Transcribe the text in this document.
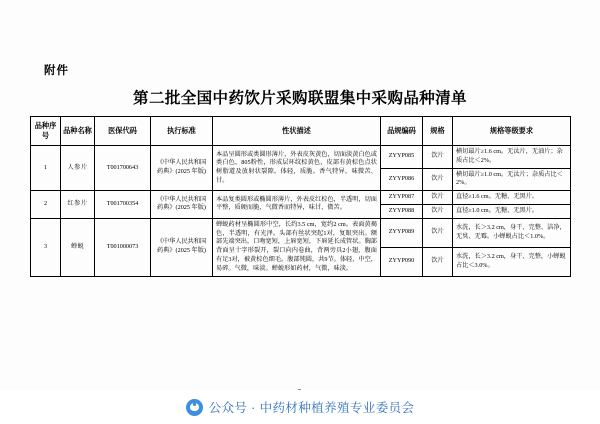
附件
第二批全国中药饮片采购联盟集中采购品种清单
品种序号	品种名称	医保代码	执行标准	性状描述	品规编码	规格	规格等级要求
1	人参片	T001700643	《中华人民共和国药典》(2025 年版)	本品呈圆形或类圆形薄片，外表皮灰黄色，切面淡黄白色或类白色，805粉性，形成层环纹棕黄色，皮部有黄棕色点状树脂道及放射状裂隙。体轻，质脆。香气特异，味微苦、甘。	ZYYP085	饮片	横切最片≥1.6 cm。无汰片，无油片；杂质占比＜2%。
					ZYYP086	饮片	横切最片≥1.0 cm。无汰片；杂质占比＜2%。
2	红参片	T001700354	《中华人民共和国药典》(2025 年版)	本品复类圆形或椭圆形薄片，外表皮红棕色，半透明，切面平整，质硬而脆，气微香而特异，味甘、微苦。	ZYYP087	饮片	直径≥1.6 cm。无糖、无黑片。
					ZYYP088	饮片	直径≥1.0 cm。无糖、无黑片。
3	蝉蜕	T001000073	《中华人民共和国药典》(2025 年版)	蝉蜕药材呈椭圆形中空，长约3.5 cm，宽约2 cm。表面黄褐色，半透明，有光泽。头部有丝状突起1对，复眼突出。额部先端突出，口吻宽短，上唇宽短，下唇延长成管状。胸部背面呈十字形裂开，裂口向内卷曲，背两旁具2小翅，腹面有足3对，被黄棕色细毛。腹部钝圆，共9节。体轻，中空，易碎。气微，味淡。蝉蜕形如药材，气微，味淡。	ZYYP089	饮片	水洗，长＞3.2 cm，身干、完整、洁净，无臭、无霉。小蝉蜕占比＜1.0%。
					ZYYP090	饮片	水洗，长＞3.2 cm，身干、完整，小蝉蜕占比＜3.0%。
公众号 · 中药材种植养殖专业委员会
